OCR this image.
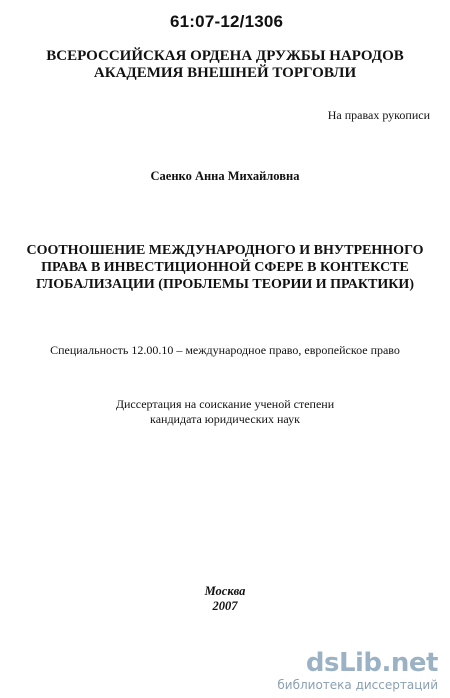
61:07-12/1306
ВСЕРОССИЙСКАЯ ОРДЕНА ДРУЖБЫ НАРОДОВ
АКАДЕМИЯ ВНЕШНЕЙ ТОРГОВЛИ
На правах рукописи
Саенко Анна Михайловна
СООТНОШЕНИЕ МЕЖДУНАРОДНОГО И ВНУТРЕННОГО
ПРАВА В ИНВЕСТИЦИОННОЙ СФЕРЕ В КОНТЕКСТЕ
ГЛОБАЛИЗАЦИИ (ПРОБЛЕМЫ ТЕОРИИ И ПРАКТИКИ)
Специальность 12.00.10 – международное право, европейское право
Диссертация на соискание ученой степени
кандидата юридических наук
Москва
2007
dsLib.net
библиотека диссертаций
